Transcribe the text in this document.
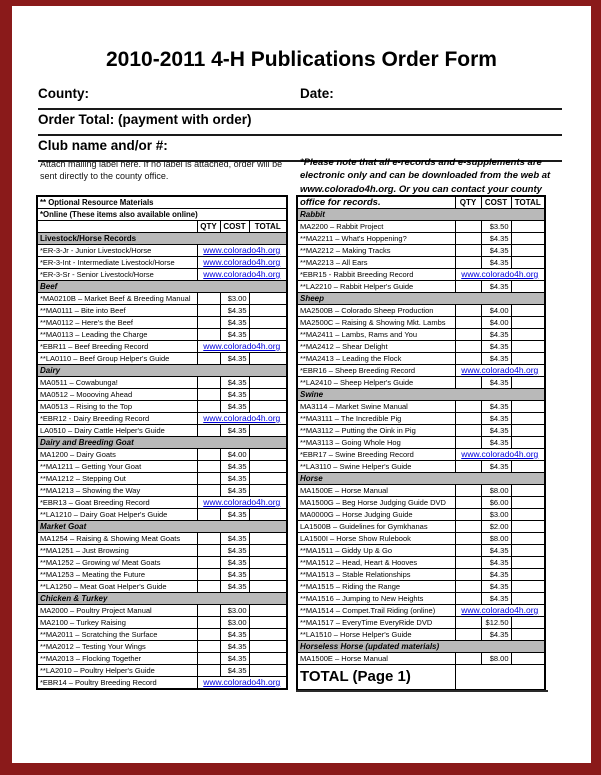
2010-2011 4-H Publications Order Form
County:	Date:
Order Total: (payment with order)
Club name and/or #:

Attach mailing label here. If no label is attached, order will be sent directly to the county office.

*Please note that all e-records and e-supplements are electronic only and can be downloaded from the web at www.colorado4h.org. Or you can contact your county office for records.

** Optional Resource Materials			
*Online (These items also available online)			
	QTY	COST	TOTAL
Livestock/Horse Records			
*ER-3-Jr - Junior Livestock/Horse	www.colorado4h.org		
*ER-3-Int - Intermediate Livestock/Horse	www.colorado4h.org		
*ER-3-Sr - Senior Livestock/Horse	www.colorado4h.org		
Beef			
*MA0210B – Market Beef & Breeding Manual		$3.00	
**MA0111 – Bite into Beef		$4.35	
**MA0112 – Here's the Beef		$4.35	
**MA0113 – Leading the Charge		$4.35	
*EBR11 – Beef Breeding Record	www.colorado4h.org		
**LA0110 – Beef Group Helper's Guide		$4.35	
Dairy			
MA0511 – Cowabunga!		$4.35	
MA0512 – Moooving Ahead		$4.35	
MA0513 – Rising to the Top		$4.35	
*EBR12 - Dairy Breeding Record	www.colorado4h.org		
LA0510 – Dairy Cattle Helper's Guide		$4.35	
Dairy and Breeding Goat			
MA1200 – Dairy Goats		$4.00	
**MA1211 – Getting Your Goat		$4.35	
**MA1212 – Stepping Out		$4.35	
**MA1213 – Showing the Way		$4.35	
*EBR13 – Goat Breeding Record	www.colorado4h.org		
**LA1210 – Dairy Goat Helper's Guide		$4.35	
Market Goat			
MA1254 – Raising & Showing Meat Goats		$4.35	
**MA1251 – Just Browsing		$4.35	
**MA1252 – Growing w/ Meat Goats		$4.35	
**MA1253 – Meating the Future		$4.35	
**LA1250 – Meat Goat Helper's Guide		$4.35	
Chicken & Turkey			
MA2000 – Poultry Project Manual		$3.00	
MA2100 – Turkey Raising		$3.00	
**MA2011 – Scratching the Surface		$4.35	
**MA2012 – Testing Your Wings		$4.35	
**MA2013 – Flocking Together		$4.35	
**LA2010 – Poultry Helper's Guide		$4.35	
*EBR14 – Poultry Breeding Record	www.colorado4h.org		
	QTY	COST	TOTAL
Rabbit			
MA2200 – Rabbit Project		$3.50	
**MA2211 – What's Hoppening?		$4.35	
**MA2212 – Making Tracks		$4.35	
**MA2213 – All Ears		$4.35	
*EBR15 - Rabbit Breeding Record	www.colorado4h.org		
**LA2210 – Rabbit Helper's Guide		$4.35	
Sheep			
MA2500B – Colorado Sheep Production		$4.00	
MA2500C – Raising & Showing Mkt. Lambs		$4.00	
**MA2411 – Lambs, Rams and You		$4.35	
**MA2412 – Shear Delight		$4.35	
**MA2413 – Leading the Flock		$4.35	
*EBR16 – Sheep Breeding Record	www.colorado4h.org		
**LA2410 – Sheep Helper's Guide		$4.35	
Swine			
MA3114 – Market Swine Manual		$4.35	
**MA3111 – The Incredible Pig		$4.35	
**MA3112 – Putting the Oink in Pig		$4.35	
**MA3113 – Going Whole Hog		$4.35	
*EBR17 – Swine Breeding Record	www.colorado4h.org		
**LA3110 – Swine Helper's Guide		$4.35	
Horse			
MA1500E – Horse Manual		$8.00	
MA1500G – Beg Horse Judging Guide DVD		$6.00	
MA0000G – Horse Judging Guide		$3.00	
LA1500B – Guidelines for Gymkhanas		$2.00	
LA1500I – Horse Show Rulebook		$8.00	
**MA1511 – Giddy Up & Go		$4.35	
**MA1512 – Head, Heart & Hooves		$4.35	
**MA1513 – Stable Relationships		$4.35	
**MA1515 – Riding the Range		$4.35	
**MA1516 – Jumping to New Heights		$4.35	
**MA1514 – Compet.Trail Riding (online)	www.colorado4h.org		
**MA1517 – EveryTime EveryRide DVD		$12.50	
**LA1510 – Horse Helper's Guide		$4.35	
Horseless Horse (updated materials)			
MA1500E – Horse Manual		$8.00	
TOTAL (Page 1)			
